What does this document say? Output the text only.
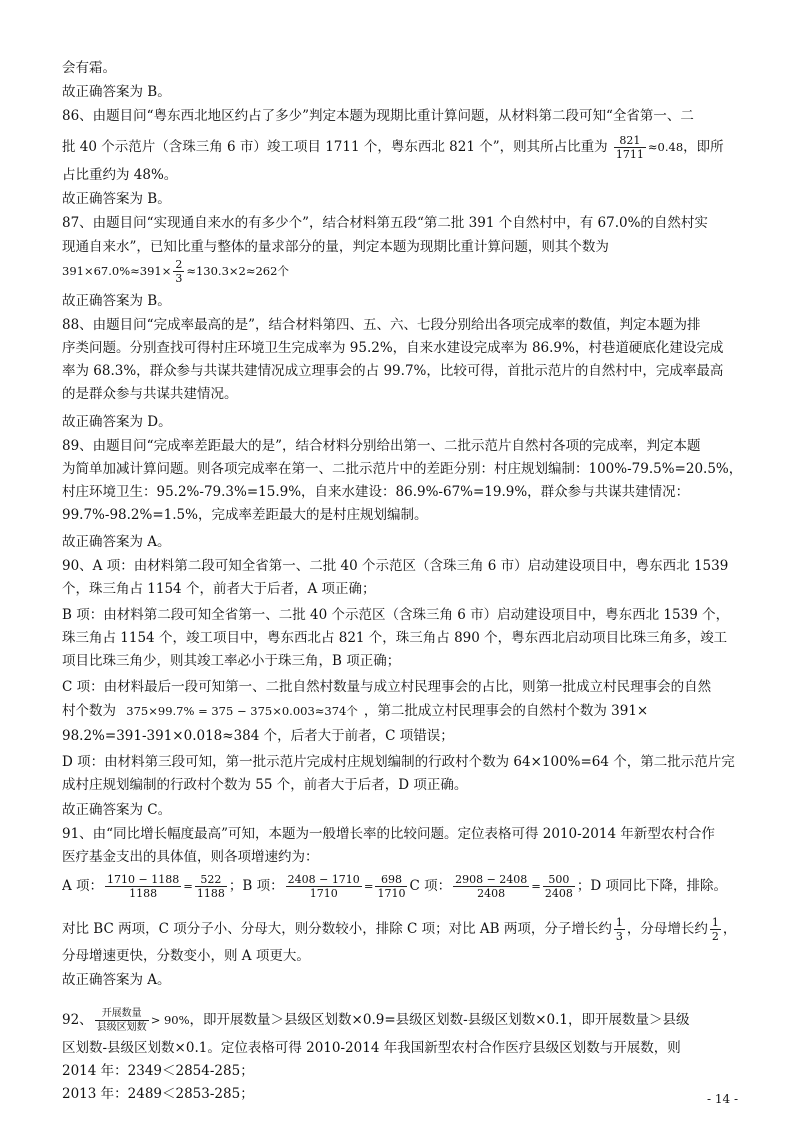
会有霜。
故正确答案为 B。
86、由题目问“粤东西北地区约占了多少”判定本题为现期比重计算问题，从材料第二段可知“全省第一、二
批 40 个示范片（含珠三角 6 市）竣工项目 1711 个，粤东西北 821 个”，则其所占比重为 $\frac{821}{1711} \approx 0.48$，即所
占比重约为 48%。
故正确答案为 B。
87、由题目问“实现通自来水的有多少个”，结合材料第五段“第二批 391 个自然村中，有 67.0%的自然村实
现通自来水”，已知比重与整体的量求部分的量，判定本题为现期比重计算问题，则其个数为
$391\times 67.0\%\approx 391\times \frac{2}{3} \approx 130.3\times 2\approx 262$个
故正确答案为 B。
88、由题目问“完成率最高的是”，结合材料第四、五、六、七段分别给出各项完成率的数值，判定本题为排
序类问题。分别查找可得村庄环境卫生完成率为 95.2%，自来水建设完成率为 86.9%，村巷道硬底化建设完成
率为 68.3%，群众参与共谋共建情况成立理事会的占 99.7%，比较可得，首批示范片的自然村中，完成率最高
的是群众参与共谋共建情况。
故正确答案为 D。
89、由题目问“完成率差距最大的是”，结合材料分别给出第一、二批示范片自然村各项的完成率，判定本题
为简单加减计算问题。则各项完成率在第一、二批示范片中的差距分别：村庄规划编制：100%-79.5%=20.5%，
村庄环境卫生：95.2%-79.3%=15.9%，自来水建设：86.9%-67%=19.9%，群众参与共谋共建情况：
99.7%-98.2%=1.5%，完成率差距最大的是村庄规划编制。
故正确答案为 A。
90、A 项：由材料第二段可知全省第一、二批 40 个示范区（含珠三角 6 市）启动建设项目中，粤东西北 1539
个，珠三角占 1154 个，前者大于后者，A 项正确；
B 项：由材料第二段可知全省第一、二批 40 个示范区（含珠三角 6 市）启动建设项目中，粤东西北 1539 个，
珠三角占 1154 个，竣工项目中，粤东西北占 821 个，珠三角占 890 个，粤东西北启动项目比珠三角多，竣工
项目比珠三角少，则其竣工率必小于珠三角，B 项正确；
C 项：由材料最后一段可知第一、二批自然村数量与成立村民理事会的占比，则第一批成立村民理事会的自然
村个数为 375×99.7% = 375 − 375×0.003≈374个 ，第二批成立村民理事会的自然村个数为 391×
98.2%=391-391×0.018≈384 个，后者大于前者，C 项错误；
D 项：由材料第三段可知，第一批示范片完成村庄规划编制的行政村个数为 64×100%=64 个，第二批示范片完
成村庄规划编制的行政村个数为 55 个，前者大于后者，D 项正确。
故正确答案为 C。
91、由“同比增长幅度最高”可知，本题为一般增长率的比较问题。定位表格可得 2010-2014 年新型农村合作
医疗基金支出的具体值，则各项增速约为：
A 项： $\frac{1710 - 1188}{1188} = \frac{522}{1188}$ ；B 项： $\frac{2408 - 1710}{1710} = \frac{698}{1710}$ C 项： $\frac{2908 - 2408}{2408} = \frac{500}{2408}$ ；D 项同比下降，排除。
对比 BC 两项，C 项分子小、分母大，则分数较小，排除 C 项；对比 AB 两项，分子增长约 $\frac{1}{3}$ ，分母增长约 $\frac{1}{2}$ ，
分母增速更快，分数变小，则 A 项更大。
故正确答案为 A。
92、 $\frac{\text{开展数量}}{\text{县级区划数}} > 90\%$，即开展数量＞县级区划数×0.9=县级区划数-县级区划数×0.1，即开展数量＞县级
区划数-县级区划数×0.1。定位表格可得 2010-2014 年我国新型农村合作医疗县级区划数与开展数，则
2014 年：2349＜2854-285；
2013 年：2489＜2853-285；	- 14 -
